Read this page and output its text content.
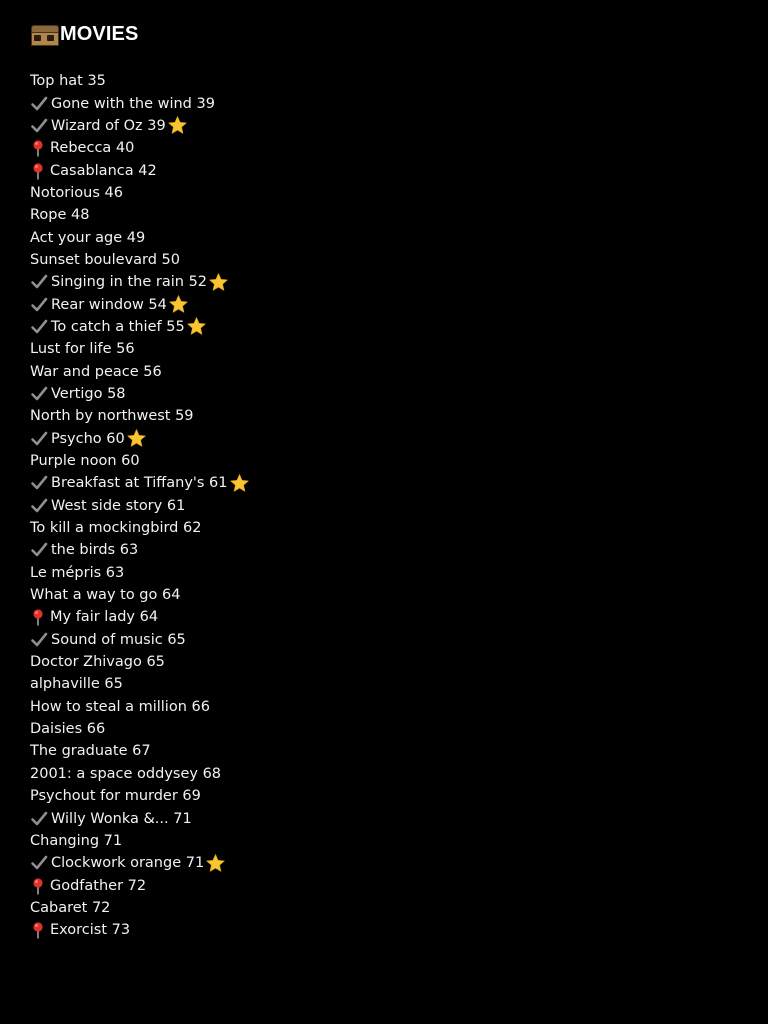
MOVIES
Top hat 35
Gone with the wind 39
Wizard of Oz 39
Rebecca 40
Casablanca 42
Notorious 46
Rope 48
Act your age 49
Sunset boulevard 50
Singing in the rain 52
Rear window 54
To catch a thief 55
Lust for life 56
War and peace 56
Vertigo 58
North by northwest 59
Psycho 60
Purple noon 60
Breakfast at Tiffany's 61
West side story 61
To kill a mockingbird 62
the birds 63
Le mépris 63
What a way to go 64
My fair lady 64
Sound of music 65
Doctor Zhivago 65
alphaville 65
How to steal a million 66
Daisies 66
The graduate 67
2001: a space oddysey 68
Psychout for murder 69
Willy Wonka &... 71
Changing 71
Clockwork orange 71
Godfather 72
Cabaret 72
Exorcist 73
